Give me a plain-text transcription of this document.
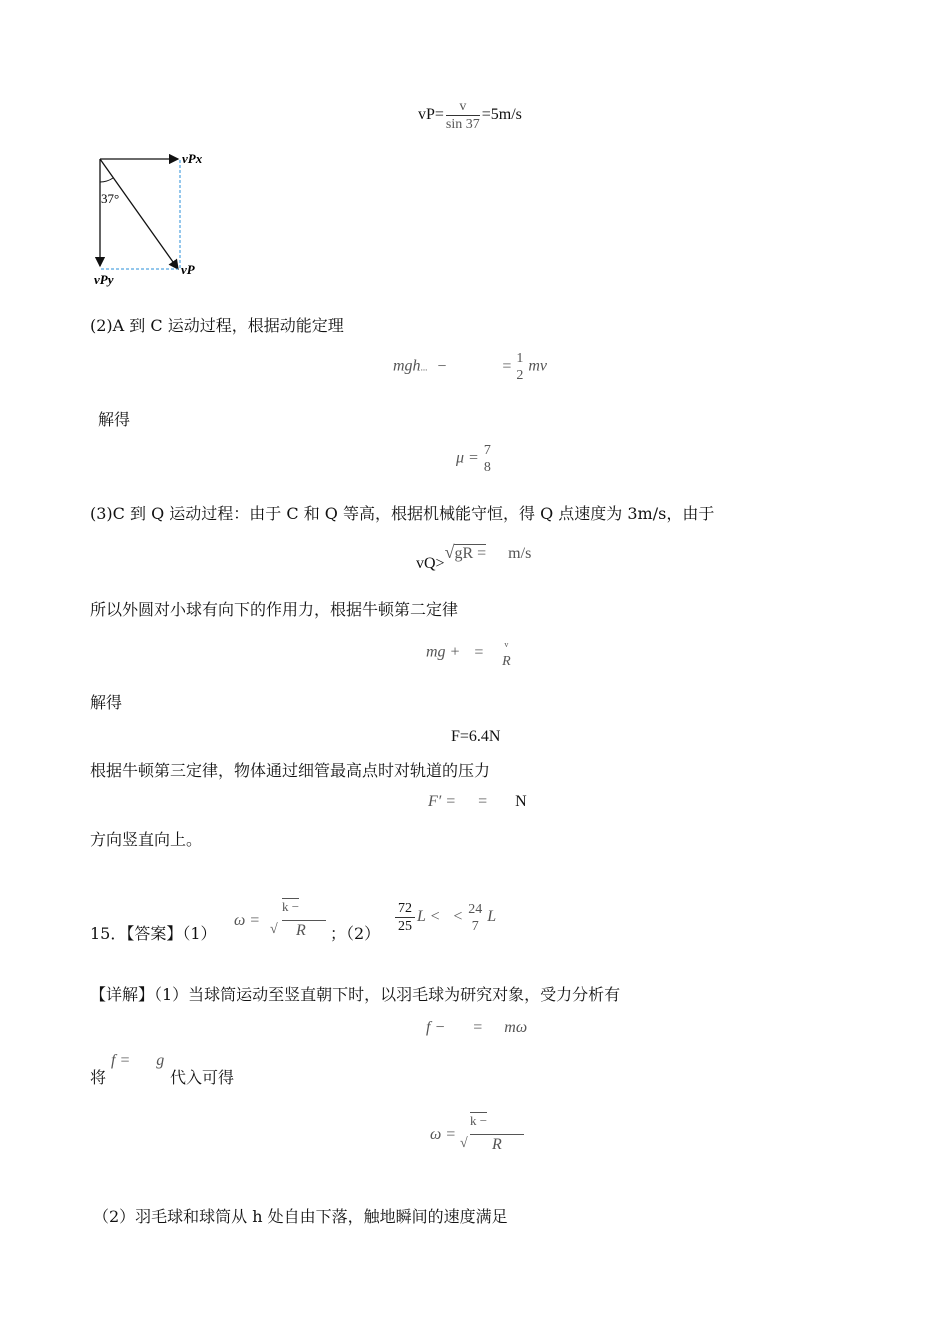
$vP= \frac{v}{\sin 37} =5m/s$
vPx
37°
vP
vPy
(2)A 到 C 运动过程，根据动能定理
mgh... −	= 1
2
mv
解得
μ = 7
8
(3)C 到 Q 运动过程：由于 C 和 Q 等高，根据机械能守恒，得 Q 点速度为 3m/s，由于
vQ>√gR = m/s
所以外圆对小球有向下的作用力，根据牛顿第二定律
mg + =	v
R
解得
F=6.4N
根据牛顿第三定律，物体通过细管最高点时对轨道的压力
F′ = = N
方向竖直向上。
15．【答案】（1）
ω =
√
k −
R ；$(2) \frac{72}{25}$ L < < 24
7
L
【详解】（1）当球筒运动至竖直朝下时，以羽毛球为研究对象，受力分析有
f − = mω
将
f = g
代入可得
ω =
√
k −
R
（2）羽毛球和球筒从 h 处自由下落，触地瞬间的速度满足
